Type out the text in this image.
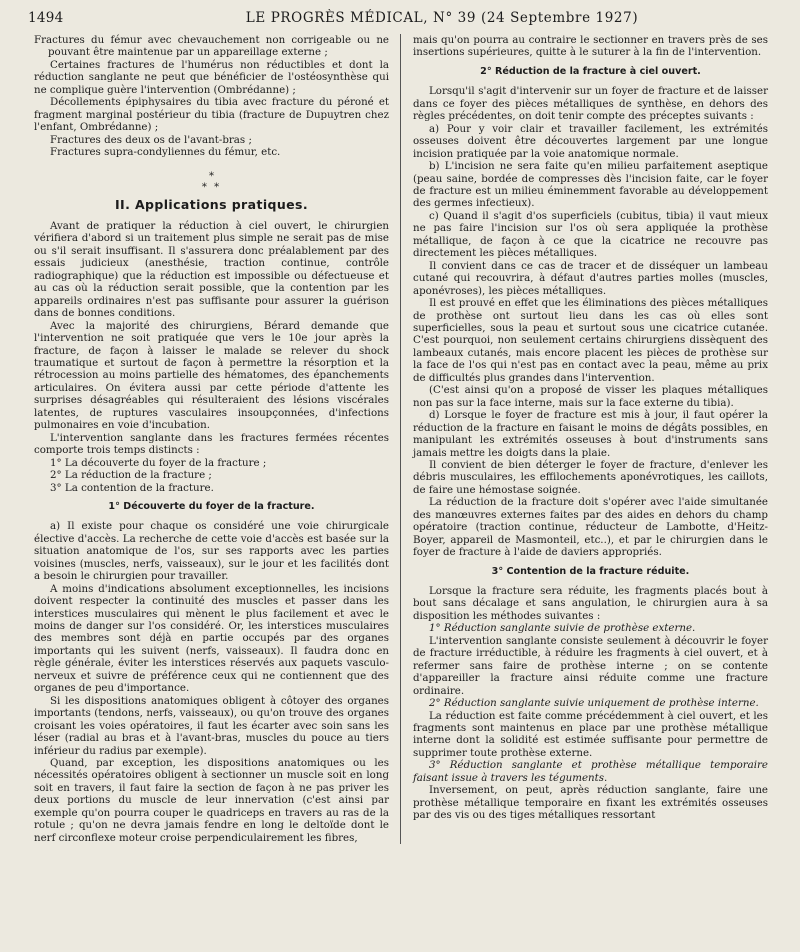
1494	LE PROGRÈS MÉDICAL, N° 39 (24 Septembre 1927)

Fractures du fémur avec chevauchement non corrigeable ou ne pouvant être maintenue par un appareillage externe ;

Certaines fractures de l'humérus non réductibles et dont la réduction sanglante ne peut que bénéficier de l'ostéosynthèse qui ne complique guère l'intervention (Ombrédanne) ;

Décollements épiphysaires du tibia avec fracture du péroné et fragment marginal postérieur du tibia (fracture de Dupuytren chez l'enfant, Ombrédanne) ;

Fractures des deux os de l'avant-bras ;

Fractures supra-condyliennes du fémur, etc.

*
* *
II. Applications pratiques.

Avant de pratiquer la réduction à ciel ouvert, le chirurgien vérifiera d'abord si un traitement plus simple ne serait pas de mise ou s'il serait insuffisant. Il s'assurera donc préalablement par des essais judicieux (anesthésie, traction continue, contrôle radiographique) que la réduction est impossible ou défectueuse et au cas où la réduction serait possible, que la contention par les appareils ordinaires n'est pas suffisante pour assurer la guérison dans de bonnes conditions.

Avec la majorité des chirurgiens, Bérard demande que l'intervention ne soit pratiquée que vers le 10e jour après la fracture, de façon à laisser le malade se relever du shock traumatique et surtout de façon à permettre la résorption et la rétrocession au moins partielle des hématomes, des épanchements articulaires. On évitera aussi par cette période d'attente les surprises désagréables qui résulteraient des lésions viscérales latentes, de ruptures vasculaires insoupçonnées, d'infections pulmonaires en voie d'incubation.

L'intervention sanglante dans les fractures fermées récentes comporte trois temps distincts :

1° La découverte du foyer de la fracture ;

2° La réduction de la fracture ;

3° La contention de la fracture.

1° Découverte du foyer de la fracture.

a) Il existe pour chaque os considéré une voie chirurgicale élective d'accès. La recherche de cette voie d'accès est basée sur la situation anatomique de l'os, sur ses rapports avec les parties voisines (muscles, nerfs, vaisseaux), sur le jour et les facilités dont a besoin le chirurgien pour travailler.

A moins d'indications absolument exceptionnelles, les incisions doivent respecter la continuité des muscles et passer dans les interstices musculaires qui mènent le plus facilement et avec le moins de danger sur l'os considéré. Or, les interstices musculaires des membres sont déjà en partie occupés par des organes importants qui les suivent (nerfs, vaisseaux). Il faudra donc en règle générale, éviter les interstices réservés aux paquets vasculo-nerveux et suivre de préférence ceux qui ne contiennent que des organes de peu d'importance.

Si les dispositions anatomiques obligent à côtoyer des organes importants (tendons, nerfs, vaisseaux), ou qu'on trouve des organes croisant les voies opératoires, il faut les écarter avec soin sans les léser (radial au bras et à l'avant-bras, muscles du pouce au tiers inférieur du radius par exemple).

Quand, par exception, les dispositions anatomiques ou les nécessités opératoires obligent à sectionner un muscle soit en long soit en travers, il faut faire la section de façon à ne pas priver les deux portions du muscle de leur innervation (c'est ainsi par exemple qu'on pourra couper le quadriceps en travers au ras de la rotule ; qu'on ne devra jamais fendre en long le deltoïde dont le nerf circonflexe moteur croise perpendiculairement les fibres,

mais qu'on pourra au contraire le sectionner en travers près de ses insertions supérieures, quitte à le suturer à la fin de l'intervention.

2° Réduction de la fracture à ciel ouvert.

Lorsqu'il s'agit d'intervenir sur un foyer de fracture et de laisser dans ce foyer des pièces métalliques de synthèse, en dehors des règles précédentes, on doit tenir compte des préceptes suivants :

a) Pour y voir clair et travailler facilement, les extrémités osseuses doivent être découvertes largement par une longue incision pratiquée par la voie anatomique normale.

b) L'incision ne sera faite qu'en milieu parfaitement aseptique (peau saine, bordée de compresses dès l'incision faite, car le foyer de fracture est un milieu éminemment favorable au développement des germes infectieux).

c) Quand il s'agit d'os superficiels (cubitus, tibia) il vaut mieux ne pas faire l'incision sur l'os où sera appliquée la prothèse métallique, de façon à ce que la cicatrice ne recouvre pas directement les pièces métalliques.

Il convient dans ce cas de tracer et de disséquer un lambeau cutané qui recouvrira, à défaut d'autres parties molles (muscles, aponévroses), les pièces métalliques.

Il est prouvé en effet que les éliminations des pièces métalliques de prothèse ont surtout lieu dans les cas où elles sont superficielles, sous la peau et surtout sous une cicatrice cutanée. C'est pourquoi, non seulement certains chirurgiens dissèquent des lambeaux cutanés, mais encore placent les pièces de prothèse sur la face de l'os qui n'est pas en contact avec la peau, même au prix de difficultés plus grandes dans l'intervention.

(C'est ainsi qu'on a proposé de visser les plaques métalliques non pas sur la face interne, mais sur la face externe du tibia).

d) Lorsque le foyer de fracture est mis à jour, il faut opérer la réduction de la fracture en faisant le moins de dégâts possibles, en manipulant les extrémités osseuses à bout d'instruments sans jamais mettre les doigts dans la plaie.

Il convient de bien déterger le foyer de fracture, d'enlever les débris musculaires, les effilochements aponévrotiques, les caillots, de faire une hémostase soignée.

La réduction de la fracture doit s'opérer avec l'aide simultanée des manœuvres externes faites par des aides en dehors du champ opératoire (traction continue, réducteur de Lambotte, d'Heitz-Boyer, appareil de Masmonteil, etc..), et par le chirurgien dans le foyer de fracture à l'aide de daviers appropriés.

3° Contention de la fracture réduite.

Lorsque la fracture sera réduite, les fragments placés bout à bout sans décalage et sans angulation, le chirurgien aura à sa disposition les méthodes suivantes :

1° Réduction sanglante suivie de prothèse externe.

L'intervention sanglante consiste seulement à découvrir le foyer de fracture irréductible, à réduire les fragments à ciel ouvert, et à refermer sans faire de prothèse interne ; on se contente d'appareiller la fracture ainsi réduite comme une fracture ordinaire.

2° Réduction sanglante suivie uniquement de prothèse interne.

La réduction est faite comme précédemment à ciel ouvert, et les fragments sont maintenus en place par une prothèse métallique interne dont la solidité est estimée suffisante pour permettre de supprimer toute prothèse externe.

3° Réduction sanglante et prothèse métallique temporaire faisant issue à travers les téguments.

Inversement, on peut, après réduction sanglante, faire une prothèse métallique temporaire en fixant les extrémités osseuses par des vis ou des tiges métalliques ressortant
